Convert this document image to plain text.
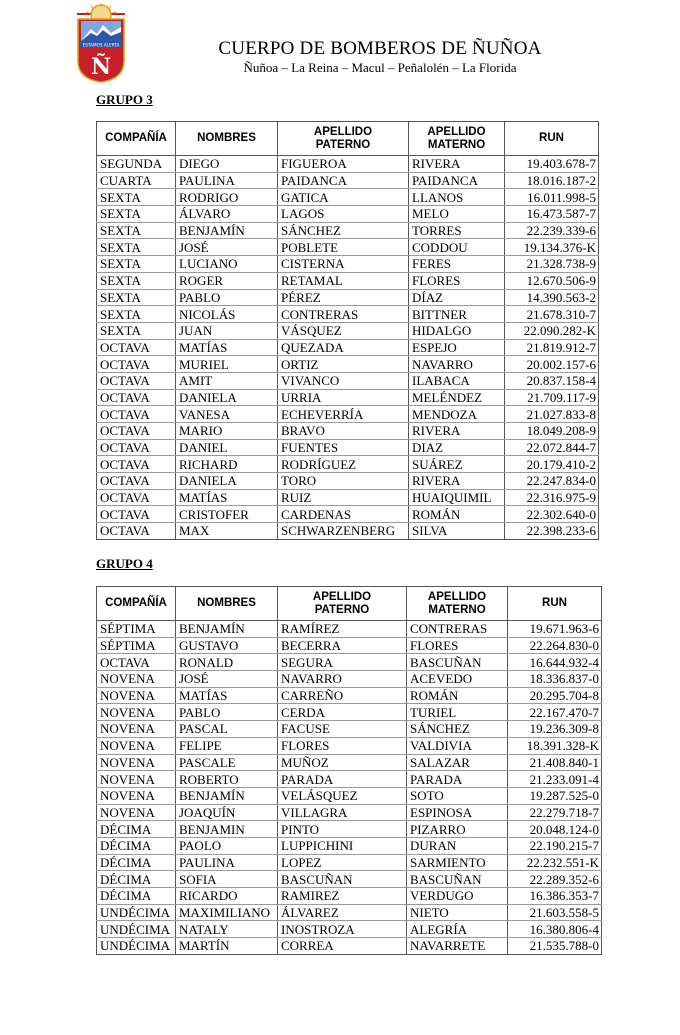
ESTAMOS ALERTA
Ñ
CUERPO DE BOMBEROS DE ÑUÑOA
Ñuñoa – La Reina – Macul – Peñalolén – La Florida
GRUPO 3
COMPAÑÍA	NOMBRES	APELLIDO PATERNO	APELLIDO MATERNO	RUN
SEGUNDA	DIEGO	FIGUEROA	RIVERA	19.403.678-7
CUARTA	PAULINA	PAIDANCA	PAIDANCA	18.016.187-2
SEXTA	RODRIGO	GATICA	LLANOS	16.011.998-5
SEXTA	ÁLVARO	LAGOS	MELO	16.473.587-7
SEXTA	BENJAMÍN	SÁNCHEZ	TORRES	22.239.339-6
SEXTA	JOSÉ	POBLETE	CODDOU	19.134.376-K
SEXTA	LUCIANO	CISTERNA	FERES	21.328.738-9
SEXTA	ROGER	RETAMAL	FLORES	12.670.506-9
SEXTA	PABLO	PÉREZ	DÍAZ	14.390.563-2
SEXTA	NICOLÁS	CONTRERAS	BITTNER	21.678.310-7
SEXTA	JUAN	VÁSQUEZ	HIDALGO	22.090.282-K
OCTAVA	MATÍAS	QUEZADA	ESPEJO	21.819.912-7
OCTAVA	MURIEL	ORTIZ	NAVARRO	20.002.157-6
OCTAVA	AMIT	VIVANCO	ILABACA	20.837.158-4
OCTAVA	DANIELA	URRIA	MELÉNDEZ	21.709.117-9
OCTAVA	VANESA	ECHEVERRÍA	MENDOZA	21.027.833-8
OCTAVA	MARIO	BRAVO	RIVERA	18.049.208-9
OCTAVA	DANIEL	FUENTES	DIAZ	22.072.844-7
OCTAVA	RICHARD	RODRÍGUEZ	SUÁREZ	20.179.410-2
OCTAVA	DANIELA	TORO	RIVERA	22.247.834-0
OCTAVA	MATÍAS	RUIZ	HUAIQUIMIL	22.316.975-9
OCTAVA	CRISTOFER	CARDENAS	ROMÁN	22.302.640-0
OCTAVA	MAX	SCHWARZENBERG	SILVA	22.398.233-6
GRUPO 4
COMPAÑÍA	NOMBRES	APELLIDO PATERNO	APELLIDO MATERNO	RUN
SÉPTIMA	BENJAMÍN	RAMÍREZ	CONTRERAS	19.671.963-6
SÉPTIMA	GUSTAVO	BECERRA	FLORES	22.264.830-0
OCTAVA	RONALD	SEGURA	BASCUÑAN	16.644.932-4
NOVENA	JOSÉ	NAVARRO	ACEVEDO	18.336.837-0
NOVENA	MATÍAS	CARREÑO	ROMÁN	20.295.704-8
NOVENA	PABLO	CERDA	TURIEL	22.167.470-7
NOVENA	PASCAL	FACUSE	SÁNCHEZ	19.236.309-8
NOVENA	FELIPE	FLORES	VALDIVIA	18.391.328-K
NOVENA	PASCALE	MUÑOZ	SALAZAR	21.408.840-1
NOVENA	ROBERTO	PARADA	PARADA	21.233.091-4
NOVENA	BENJAMÍN	VELÁSQUEZ	SOTO	19.287.525-0
NOVENA	JOAQUÍN	VILLAGRA	ESPINOSA	22.279.718-7
DÉCIMA	BENJAMIN	PINTO	PIZARRO	20.048.124-0
DÉCIMA	PAOLO	LUPPICHINI	DURAN	22.190.215-7
DÉCIMA	PAULINA	LOPEZ	SARMIENTO	22.232.551-K
DÉCIMA	SOFIA	BASCUÑAN	BASCUÑAN	22.289.352-6
DÉCIMA	RICARDO	RAMIREZ	VERDUGO	16.386.353-7
UNDÉCIMA	MAXIMILIANO	ÁLVAREZ	NIETO	21.603.558-5
UNDÉCIMA	NATALY	INOSTROZA	ALEGRÍA	16.380.806-4
UNDÉCIMA	MARTÍN	CORREA	NAVARRETE	21.535.788-0
